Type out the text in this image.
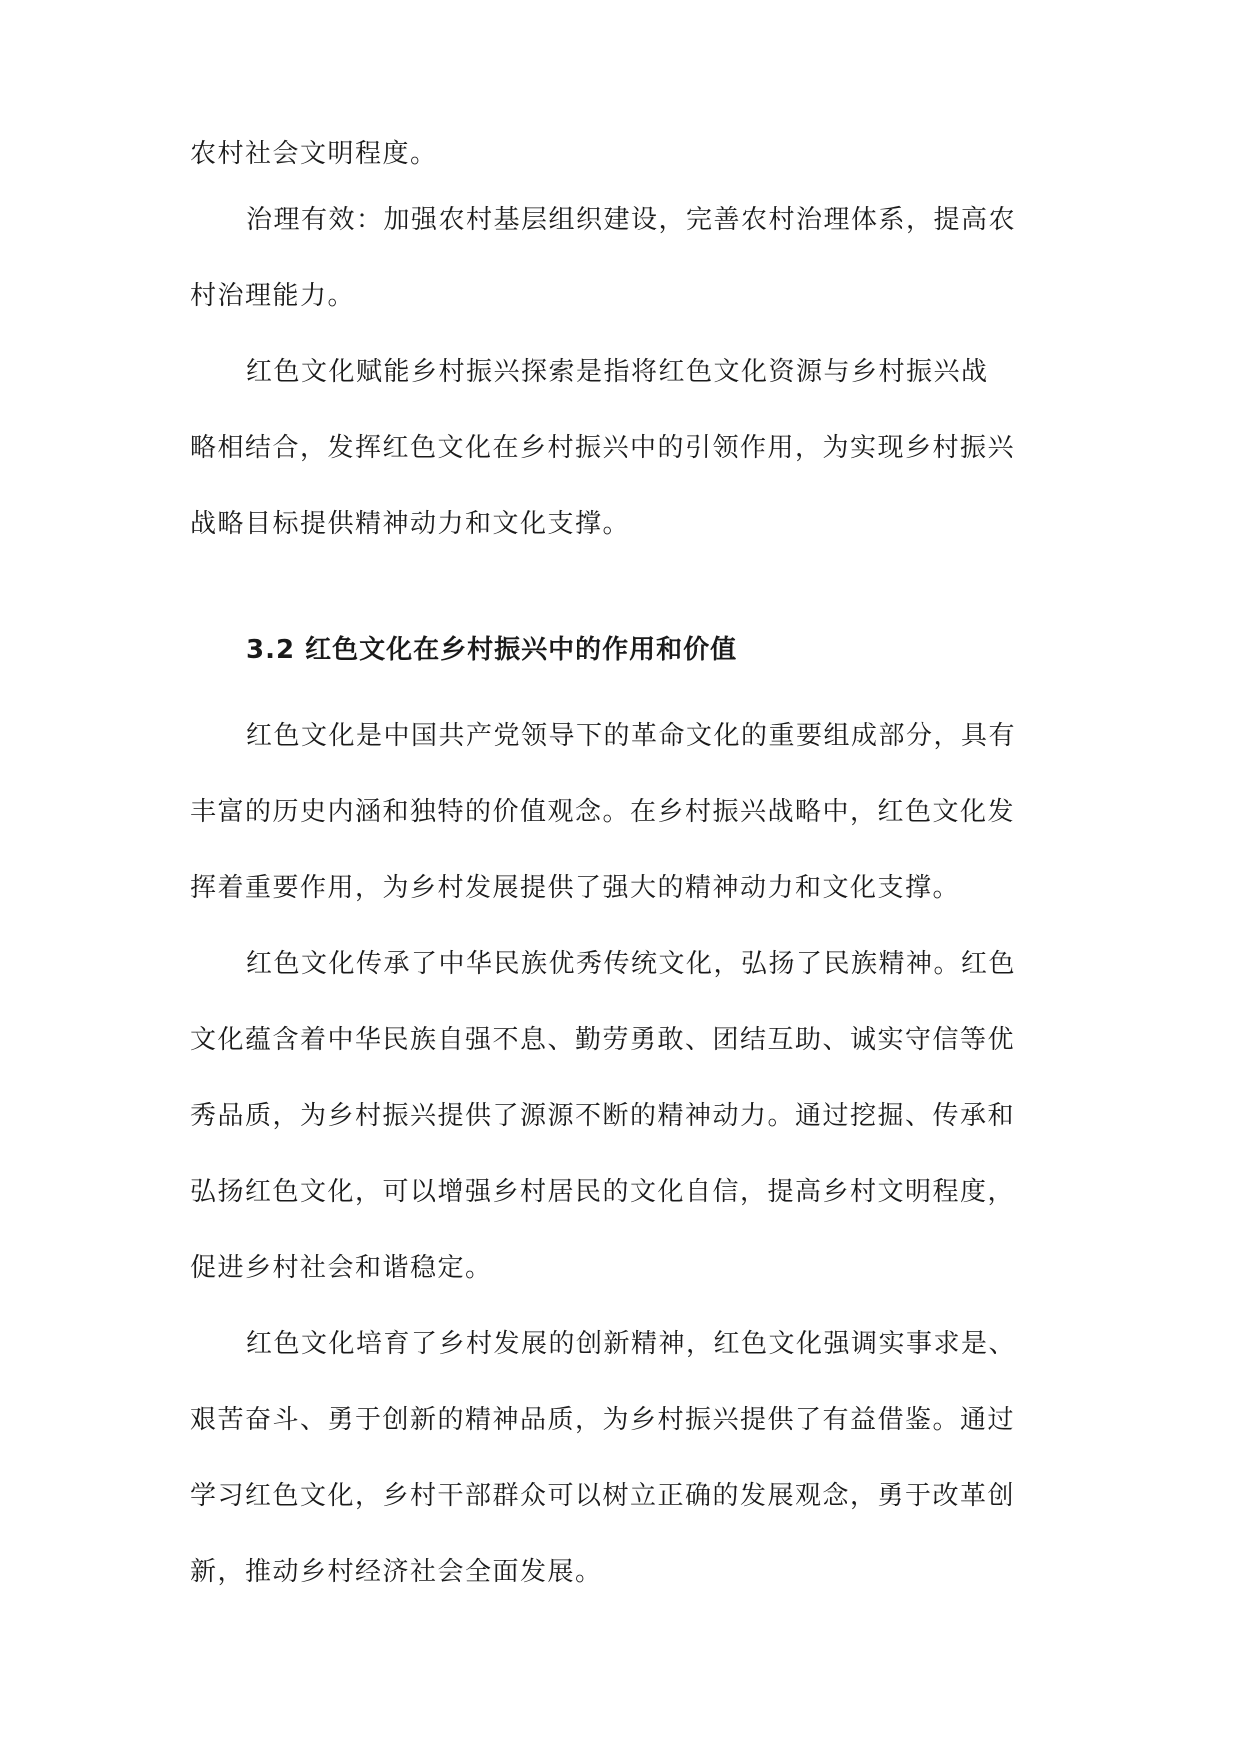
农村社会文明程度。
治理有效：加强农村基层组织建设，完善农村治理体系，提高农
村治理能力。
红色文化赋能乡村振兴探索是指将红色文化资源与乡村振兴战
略相结合，发挥红色文化在乡村振兴中的引领作用，为实现乡村振兴
战略目标提供精神动力和文化支撑。
3.2 红色文化在乡村振兴中的作用和价值
红色文化是中国共产党领导下的革命文化的重要组成部分，具有
丰富的历史内涵和独特的价值观念。在乡村振兴战略中，红色文化发
挥着重要作用，为乡村发展提供了强大的精神动力和文化支撑。
红色文化传承了中华民族优秀传统文化，弘扬了民族精神。红色
文化蕴含着中华民族自强不息、勤劳勇敢、团结互助、诚实守信等优
秀品质，为乡村振兴提供了源源不断的精神动力。通过挖掘、传承和
弘扬红色文化，可以增强乡村居民的文化自信，提高乡村文明程度，
促进乡村社会和谐稳定。
红色文化培育了乡村发展的创新精神，红色文化强调实事求是、
艰苦奋斗、勇于创新的精神品质，为乡村振兴提供了有益借鉴。通过
学习红色文化，乡村干部群众可以树立正确的发展观念，勇于改革创
新，推动乡村经济社会全面发展。
